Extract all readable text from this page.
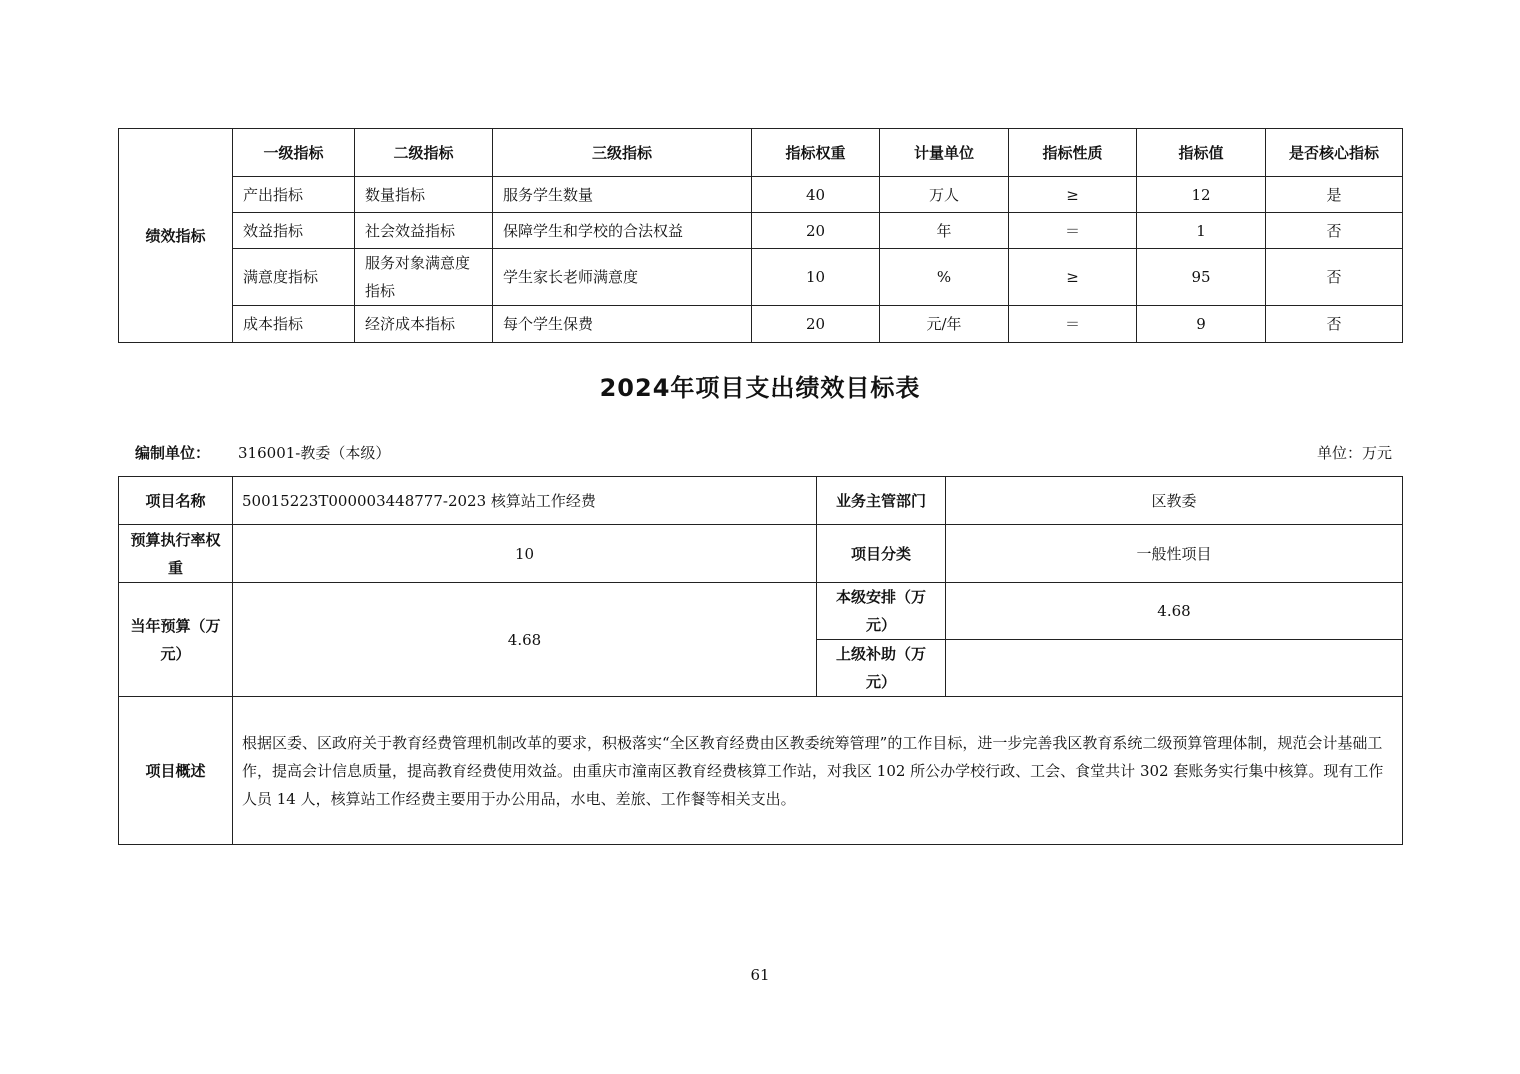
绩效指标	一级指标	二级指标	三级指标	指标权重	计量单位	指标性质	指标值	是否核心指标
	产出指标	数量指标	服务学生数量	40	万人	≥	12	是
	效益指标	社会效益指标	保障学生和学校的合法权益	20	年	＝	1	否
	满意度指标	服务对象满意度指标	学生家长老师满意度	10	%	≥	95	否
	成本指标	经济成本指标	每个学生保费	20	元/年	＝	9	否
2024年项目支出绩效目标表
编制单位： 316001-教委（本级）	单位：万元
项目名称	50015223T000003448777-2023 核算站工作经费	业务主管部门	区教委
预算执行率权重	10	项目分类	一般性项目
当年预算（万元）	4.68	本级安排（万元）	4.68
		上级补助（万元）	
项目概述	根据区委、区政府关于教育经费管理机制改革的要求，积极落实“全区教育经费由区教委统筹管理”的工作目标，进一步完善我区教育系统二级预算管理体制，规范会计基础工作，提高会计信息质量，提高教育经费使用效益。由重庆市潼南区教育经费核算工作站，对我区 102 所公办学校行政、工会、食堂共计 302 套账务实行集中核算。现有工作人员 14 人，核算站工作经费主要用于办公用品，水电、差旅、工作餐等相关支出。		
61
